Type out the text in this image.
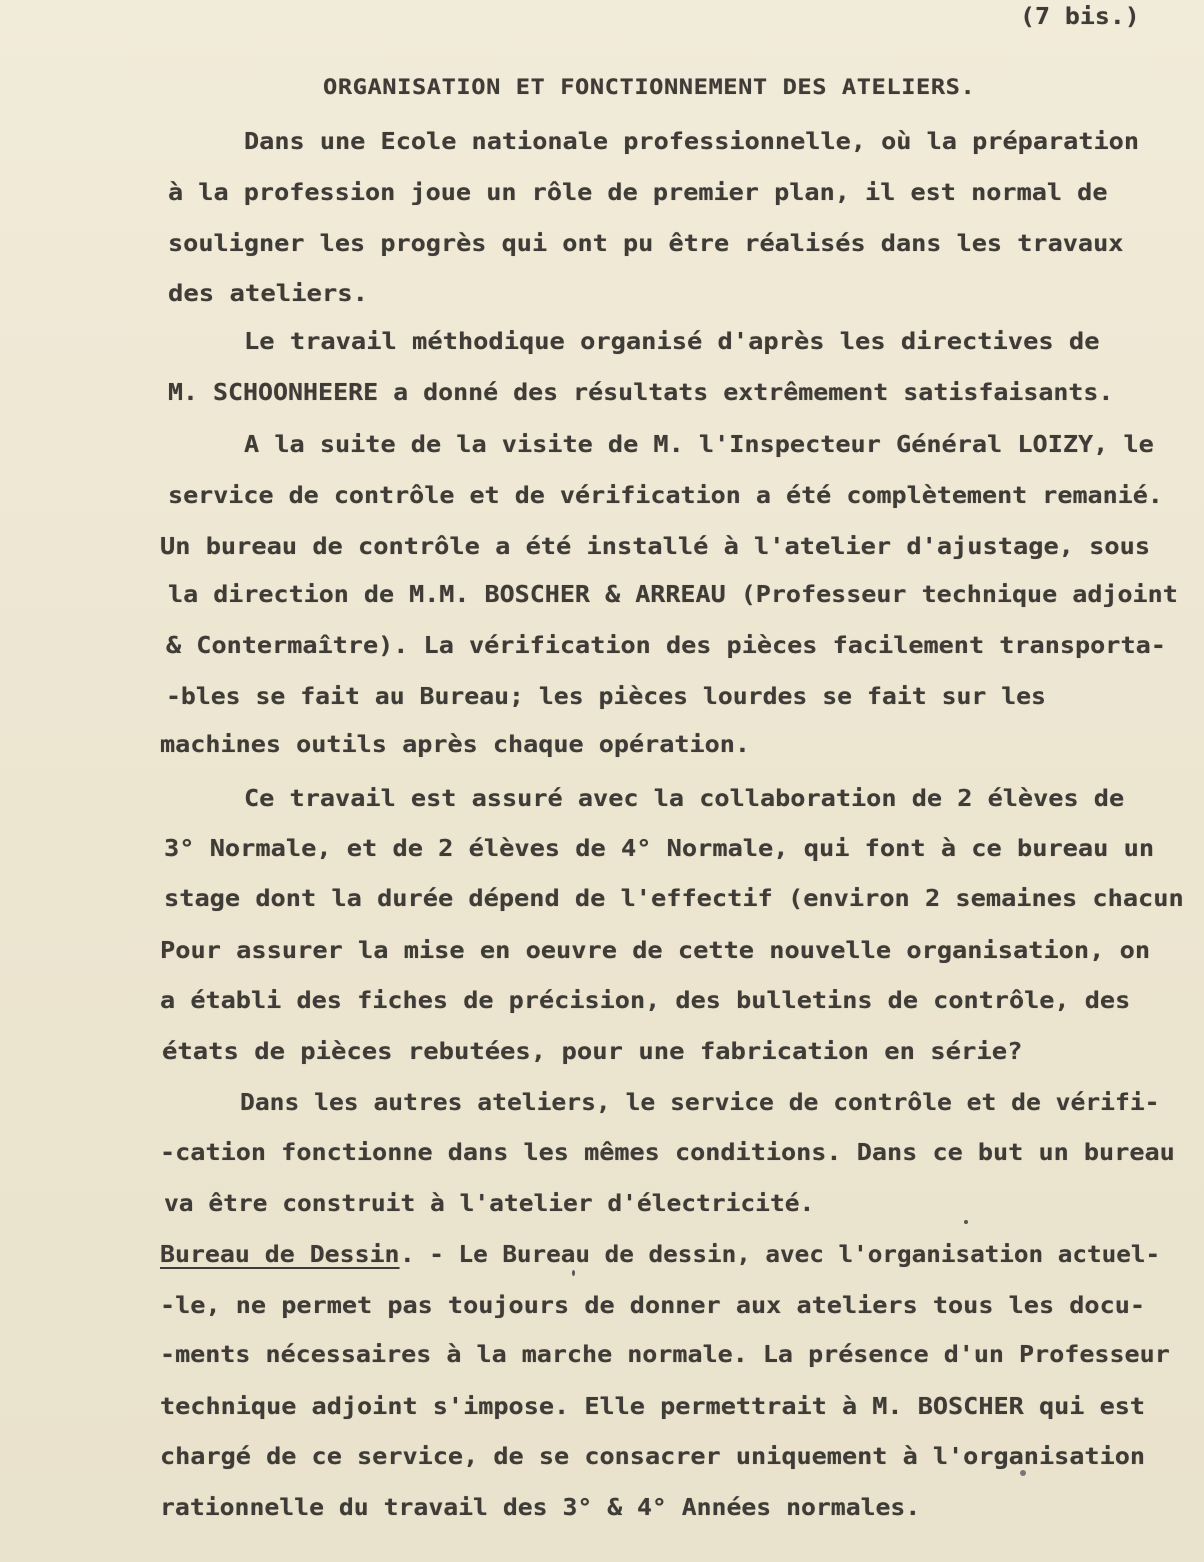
(7 bis.)
ORGANISATION ET FONCTIONNEMENT DES ATELIERS.
Dans une Ecole nationale professionnelle, où la préparation
à la profession joue un rôle de premier plan, il est normal de
souligner les progrès qui ont pu être réalisés dans les travaux
des ateliers.
Le travail méthodique organisé d'après les directives de
M. SCHOONHEERE a donné des résultats extrêmement satisfaisants.
A la suite de la visite de M. l'Inspecteur Général LOIZY, le
service de contrôle et de vérification a été complètement remanié.
Un bureau de contrôle a été installé à l'atelier d'ajustage, sous
la direction de M.M. BOSCHER & ARREAU (Professeur technique adjoint
& Contermaître). La vérification des pièces facilement transporta-
-bles se fait au Bureau; les pièces lourdes se fait sur les
machines outils après chaque opération.
Ce travail est assuré avec la collaboration de 2 élèves de
3° Normale, et de 2 élèves de 4° Normale, qui font à ce bureau un
stage dont la durée dépend de l'effectif (environ 2 semaines chacun
Pour assurer la mise en oeuvre de cette nouvelle organisation, on
a établi des fiches de précision, des bulletins de contrôle, des
états de pièces rebutées, pour une fabrication en série?
Dans les autres ateliers, le service de contrôle et de vérifi-
-cation fonctionne dans les mêmes conditions. Dans ce but un bureau
va être construit à l'atelier d'électricité.
Bureau de Dessin . - Le Bureau de dessin, avec l'organisation actuel-
-le, ne permet pas toujours de donner aux ateliers tous les docu-
-ments nécessaires à la marche normale. La présence d'un Professeur
technique adjoint s'impose. Elle permettrait à M. BOSCHER qui est
chargé de ce service, de se consacrer uniquement à l'organisation
rationnelle du travail des 3° & 4° Années normales.
